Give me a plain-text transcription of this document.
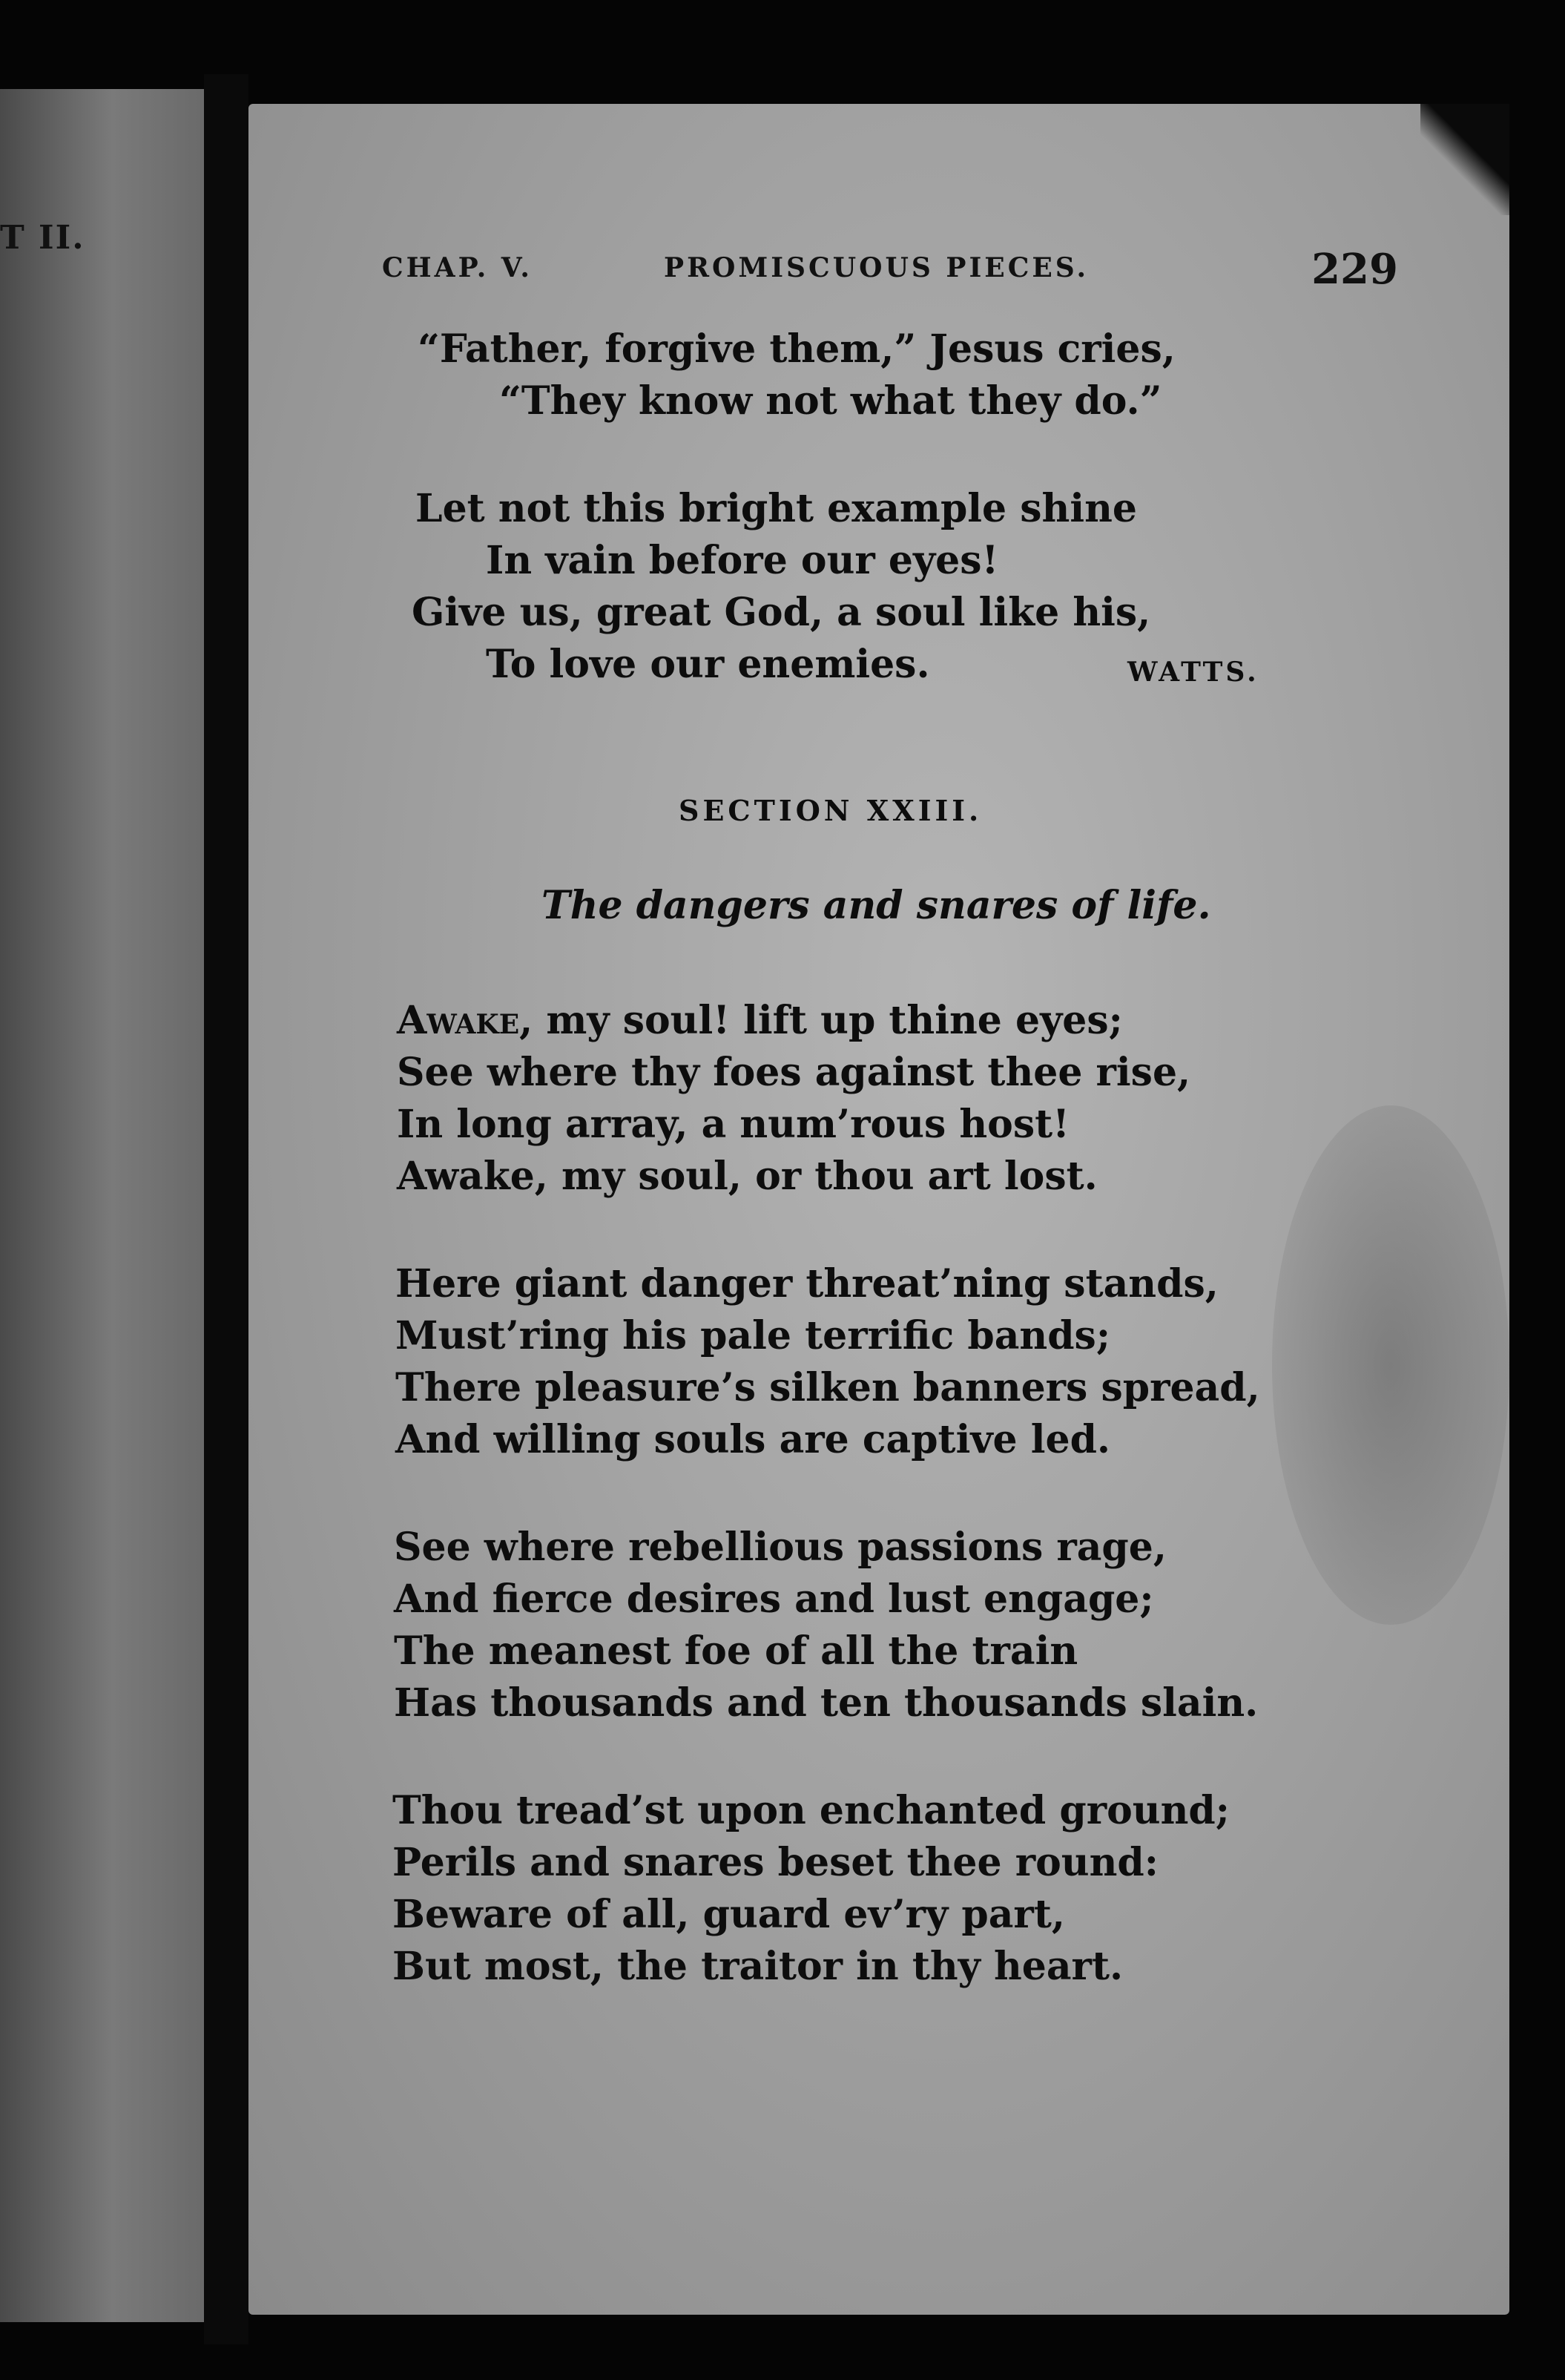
T II.
CHAP. V.	PROMISCUOUS PIECES.	229
“Father, forgive them,” Jesus cries,
“They know not what they do.”
Let not this bright example shine
In vain before our eyes!
Give us, great God, a soul like his,
To love our enemies.	WATTS.
SECTION XXIII.
The dangers and snares of life.
Awake, my soul! lift up thine eyes;
See where thy foes against thee rise,
In long array, a num’rous host!
Awake, my soul, or thou art lost.
Here giant danger threat’ning stands,
Must’ring his pale terrific bands;
There pleasure’s silken banners spread,
And willing souls are captive led.
See where rebellious passions rage,
And fierce desires and lust engage;
The meanest foe of all the train
Has thousands and ten thousands slain.
Thou tread’st upon enchanted ground;
Perils and snares beset thee round:
Beware of all, guard ev’ry part,
But most, the traitor in thy heart.
